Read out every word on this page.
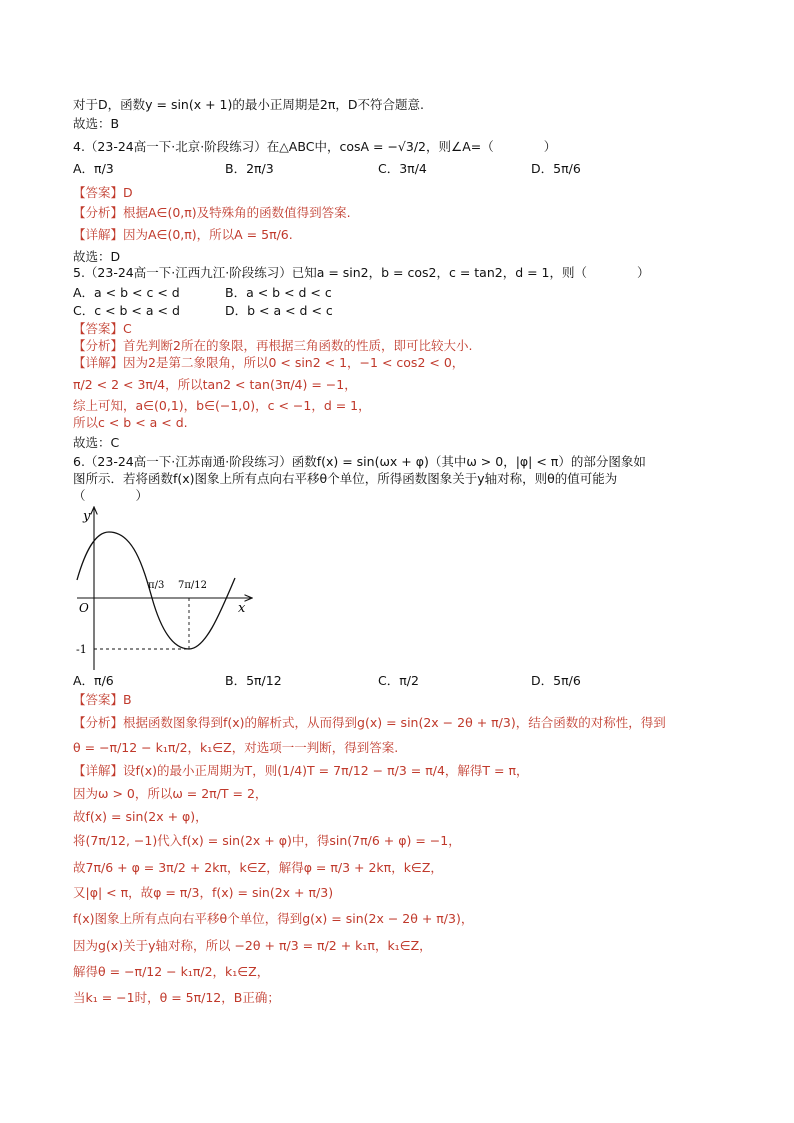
对于D，函数y = sin(x + 1)的最小正周期是2π，D不符合题意.
故选：B
4.（23-24高一下·北京·阶段练习）在△ABC中，cosA = −√3/2，则∠A=（　　　　）
A．π/3	B．2π/3	C．3π/4	D．5π/6
【答案】D
【分析】根据A∈(0,π)及特殊角的函数值得到答案.
【详解】因为A∈(0,π)，所以A = 5π/6.
故选：D
5.（23-24高一下·江西九江·阶段练习）已知a = sin2，b = cos2，c = tan2，d = 1，则（　　　　）
A．a < b < c < d	B．a < b < d < c
C．c < b < a < d	D．b < a < d < c
【答案】C
【分析】首先判断2所在的象限，再根据三角函数的性质，即可比较大小.
【详解】因为2是第二象限角，所以0 < sin2 < 1，−1 < cos2 < 0，
π/2 < 2 < 3π/4，所以tan2 < tan(3π/4) = −1，
综上可知，a∈(0,1)，b∈(−1,0)，c < −1，d = 1，
所以c < b < a < d.
故选：C
6.（23-24高一下·江苏南通·阶段练习）函数f(x) = sin(ωx + φ)（其中ω > 0，|φ| < π）的部分图象如
图所示．若将函数f(x)图象上所有点向右平移θ个单位，所得函数图象关于y轴对称，则θ的值可能为
（　　　　）
y
x
O
π/3 7π/12
-1
A．π/6	B．5π/12	C．π/2	D．5π/6
【答案】B
【分析】根据函数图象得到f(x)的解析式，从而得到g(x) = sin(2x − 2θ + π/3)，结合函数的对称性，得到
θ = −π/12 − k₁π/2，k₁∈Z，对选项一一判断，得到答案.
【详解】设f(x)的最小正周期为T，则(1/4)T = 7π/12 − π/3 = π/4，解得T = π，
因为ω > 0，所以ω = 2π/T = 2，
故f(x) = sin(2x + φ)，
将(7π/12, −1)代入f(x) = sin(2x + φ)中，得sin(7π/6 + φ) = −1，
故7π/6 + φ = 3π/2 + 2kπ，k∈Z，解得φ = π/3 + 2kπ，k∈Z，
又|φ| < π，故φ = π/3，f(x) = sin(2x + π/3)
f(x)图象上所有点向右平移θ个单位，得到g(x) = sin(2x − 2θ + π/3)，
因为g(x)关于y轴对称，所以 −2θ + π/3 = π/2 + k₁π，k₁∈Z，
解得θ = −π/12 − k₁π/2，k₁∈Z，
当k₁ = −1时，θ = 5π/12，B正确；
